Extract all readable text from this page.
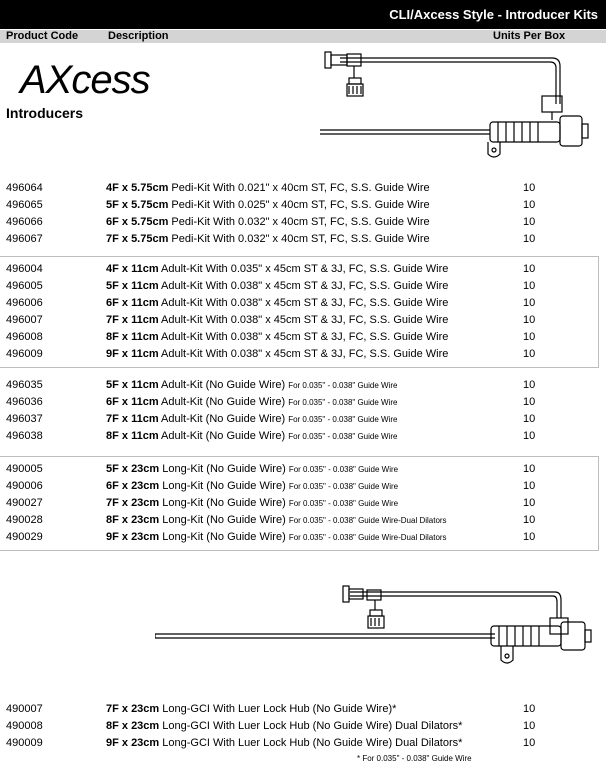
CLI/Axcess Style - Introducer Kits
Product Code	Description	Units Per Box
AXcess
Introducers
496064	4F x 5.75cm Pedi-Kit With 0.021" x 40cm ST, FC, S.S. Guide Wire	10
496065	5F x 5.75cm Pedi-Kit With 0.025" x 40cm ST, FC, S.S. Guide Wire	10
496066	6F x 5.75cm Pedi-Kit With 0.032" x 40cm ST, FC, S.S. Guide Wire	10
496067	7F x 5.75cm Pedi-Kit With 0.032" x 40cm ST, FC, S.S. Guide Wire	10
496004	4F x 11cm Adult-Kit With 0.035" x 45cm ST & 3J, FC, S.S. Guide Wire	10
496005	5F x 11cm Adult-Kit With 0.038" x 45cm ST & 3J, FC, S.S. Guide Wire	10
496006	6F x 11cm Adult-Kit With 0.038" x 45cm ST & 3J, FC, S.S. Guide Wire	10
496007	7F x 11cm Adult-Kit With 0.038" x 45cm ST & 3J, FC, S.S. Guide Wire	10
496008	8F x 11cm Adult-Kit With 0.038" x 45cm ST & 3J, FC, S.S. Guide Wire	10
496009	9F x 11cm Adult-Kit With 0.038" x 45cm ST & 3J, FC, S.S. Guide Wire	10
496035	5F x 11cm Adult-Kit (No Guide Wire) For 0.035" - 0.038" Guide Wire	10
496036	6F x 11cm Adult-Kit (No Guide Wire) For 0.035" - 0.038" Guide Wire	10
496037	7F x 11cm Adult-Kit (No Guide Wire) For 0.035" - 0.038" Guide Wire	10
496038	8F x 11cm Adult-Kit (No Guide Wire) For 0.035" - 0.038" Guide Wire	10
490005	5F x 23cm Long-Kit (No Guide Wire) For 0.035" - 0.038" Guide Wire	10
490006	6F x 23cm Long-Kit (No Guide Wire) For 0.035" - 0.038" Guide Wire	10
490027	7F x 23cm Long-Kit (No Guide Wire) For 0.035" - 0.038" Guide Wire	10
490028	8F x 23cm Long-Kit (No Guide Wire) For 0.035" - 0.038" Guide Wire-Dual Dilators	10
490029	9F x 23cm Long-Kit (No Guide Wire) For 0.035" - 0.038" Guide Wire-Dual Dilators	10
490007	7F x 23cm Long-GCI With Luer Lock Hub (No Guide Wire)*	10
490008	8F x 23cm Long-GCI With Luer Lock Hub (No Guide Wire) Dual Dilators*	10
490009	9F x 23cm Long-GCI With Luer Lock Hub (No Guide Wire) Dual Dilators*	10
* For 0.035" - 0.038" Guide Wire
